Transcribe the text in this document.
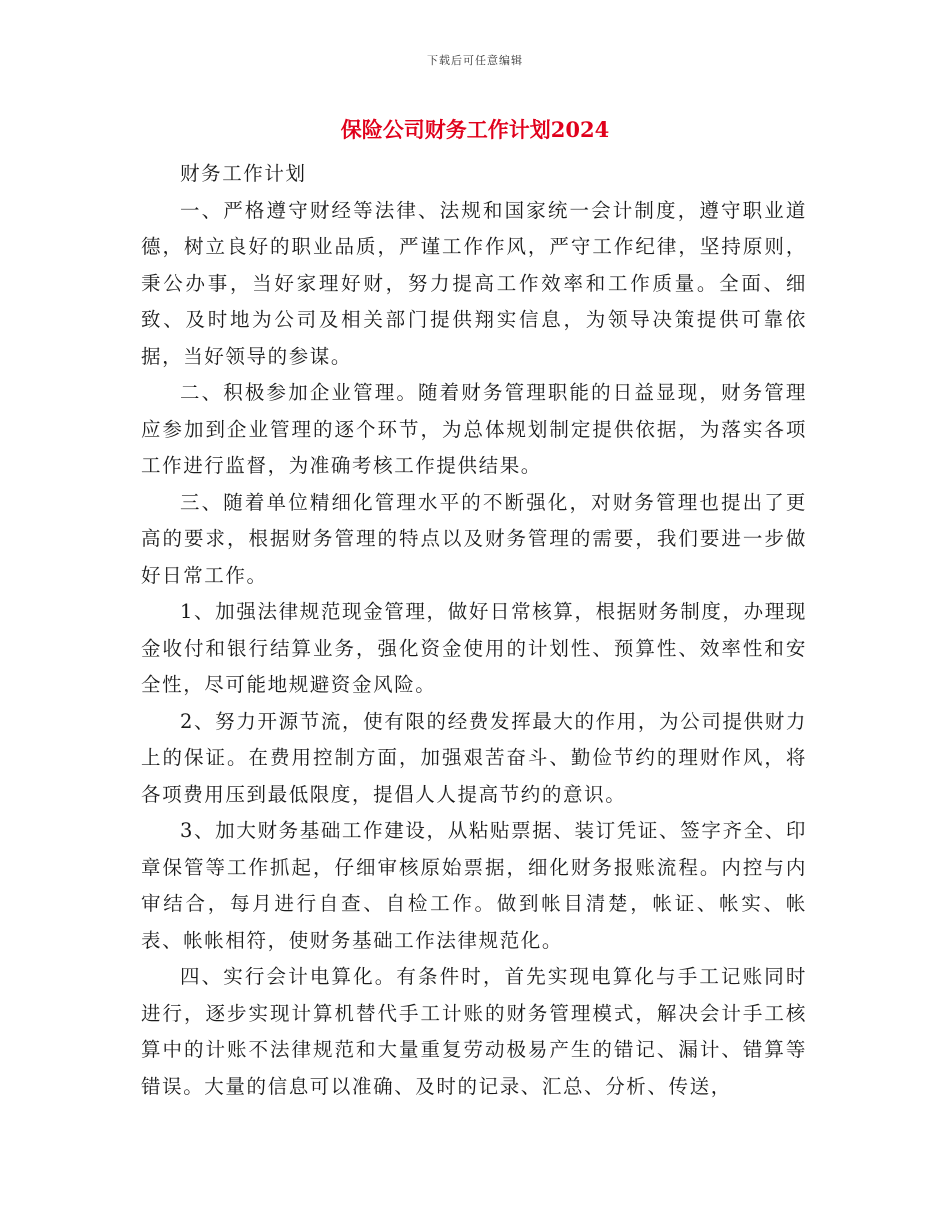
下载后可任意编辑
保险公司财务工作计划2024

财务工作计划

一、严格遵守财经等法律、法规和国家统一会计制度，遵守职业道德，树立良好的职业品质，严谨工作作风，严守工作纪律，坚持原则，秉公办事，当好家理好财，努力提高工作效率和工作质量。全面、细致、及时地为公司及相关部门提供翔实信息，为领导决策提供可靠依据，当好领导的参谋。

二、积极参加企业管理。随着财务管理职能的日益显现，财务管理应参加到企业管理的逐个环节，为总体规划制定提供依据，为落实各项工作进行监督，为准确考核工作提供结果。

三、随着单位精细化管理水平的不断强化，对财务管理也提出了更高的要求，根据财务管理的特点以及财务管理的需要，我们要进一步做好日常工作。

1、加强法律规范现金管理，做好日常核算，根据财务制度，办理现金收付和银行结算业务，强化资金使用的计划性、预算性、效率性和安全性，尽可能地规避资金风险。

2、努力开源节流，使有限的经费发挥最大的作用，为公司提供财力上的保证。在费用控制方面，加强艰苦奋斗、勤俭节约的理财作风，将各项费用压到最低限度，提倡人人提高节约的意识。

3、加大财务基础工作建设，从粘贴票据、装订凭证、签字齐全、印章保管等工作抓起，仔细审核原始票据，细化财务报账流程。内控与内审结合，每月进行自查、自检工作。做到帐目清楚，帐证、帐实、帐表、帐帐相符，使财务基础工作法律规范化。

四、实行会计电算化。有条件时，首先实现电算化与手工记账同时进行，逐步实现计算机替代手工计账的财务管理模式，解决会计手工核算中的计账不法律规范和大量重复劳动极易产生的错记、漏计、错算等错误。大量的信息可以准确、及时的记录、汇总、分析、传送，
